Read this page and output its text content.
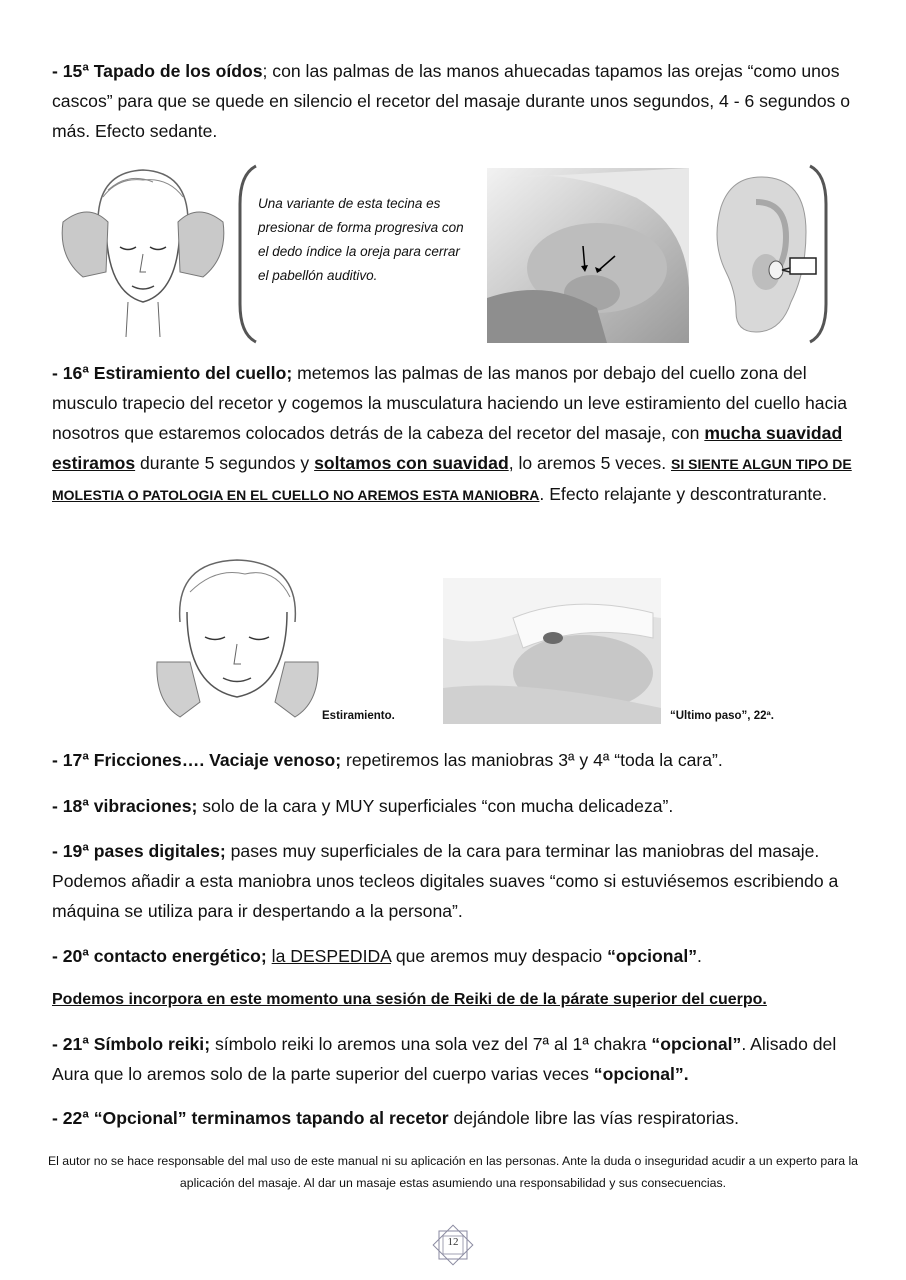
- 15ª Tapado de los oídos; con las palmas de las manos ahuecadas tapamos las orejas “como unos cascos” para que se quede en silencio el recetor del masaje durante unos segundos, 4 - 6 segundos o más. Efecto sedante.

Una variante de esta tecina es presionar de forma progresiva con el dedo índice la oreja para cerrar el pabellón auditivo.

- 16ª Estiramiento del cuello; metemos las palmas de las manos por debajo del cuello zona del musculo trapecio del recetor y cogemos la musculatura haciendo un leve estiramiento del cuello hacia nosotros que estaremos colocados detrás de la cabeza del recetor del masaje, con mucha suavidad estiramos durante 5 segundos y soltamos con suavidad, lo aremos 5 veces. SI SIENTE ALGUN TIPO DE MOLESTIA O PATOLOGIA EN EL CUELLO NO AREMOS ESTA MANIOBRA. Efecto relajante y descontraturante.

Estiramiento.	“Ultimo paso”, 22ª.

- 17ª Fricciones…. Vaciaje venoso; repetiremos las maniobras 3ª y 4ª “toda la cara”.

- 18ª vibraciones; solo de la cara y MUY superficiales “con mucha delicadeza”.

- 19ª pases digitales; pases muy superficiales de la cara para terminar las maniobras del masaje. Podemos añadir a esta maniobra unos tecleos digitales suaves “como si estuviésemos escribiendo a máquina se utiliza para ir despertando a la persona”.

- 20ª contacto energético; la DESPEDIDA que aremos muy despacio “opcional”.

Podemos incorpora en este momento una sesión de Reiki de de la párate superior del cuerpo.

- 21ª Símbolo reiki; símbolo reiki lo aremos una sola vez del 7ª al 1ª chakra “opcional”. Alisado del Aura que lo aremos solo de la parte superior del cuerpo varias veces “opcional”.

- 22ª “Opcional” terminamos tapando al recetor dejándole libre las vías respiratorias.

El autor no se hace responsable del mal uso de este manual ni su aplicación en las personas. Ante la duda o inseguridad acudir a un experto para la aplicación del masaje. Al dar un masaje estas asumiendo una responsabilidad y sus consecuencias.

12
